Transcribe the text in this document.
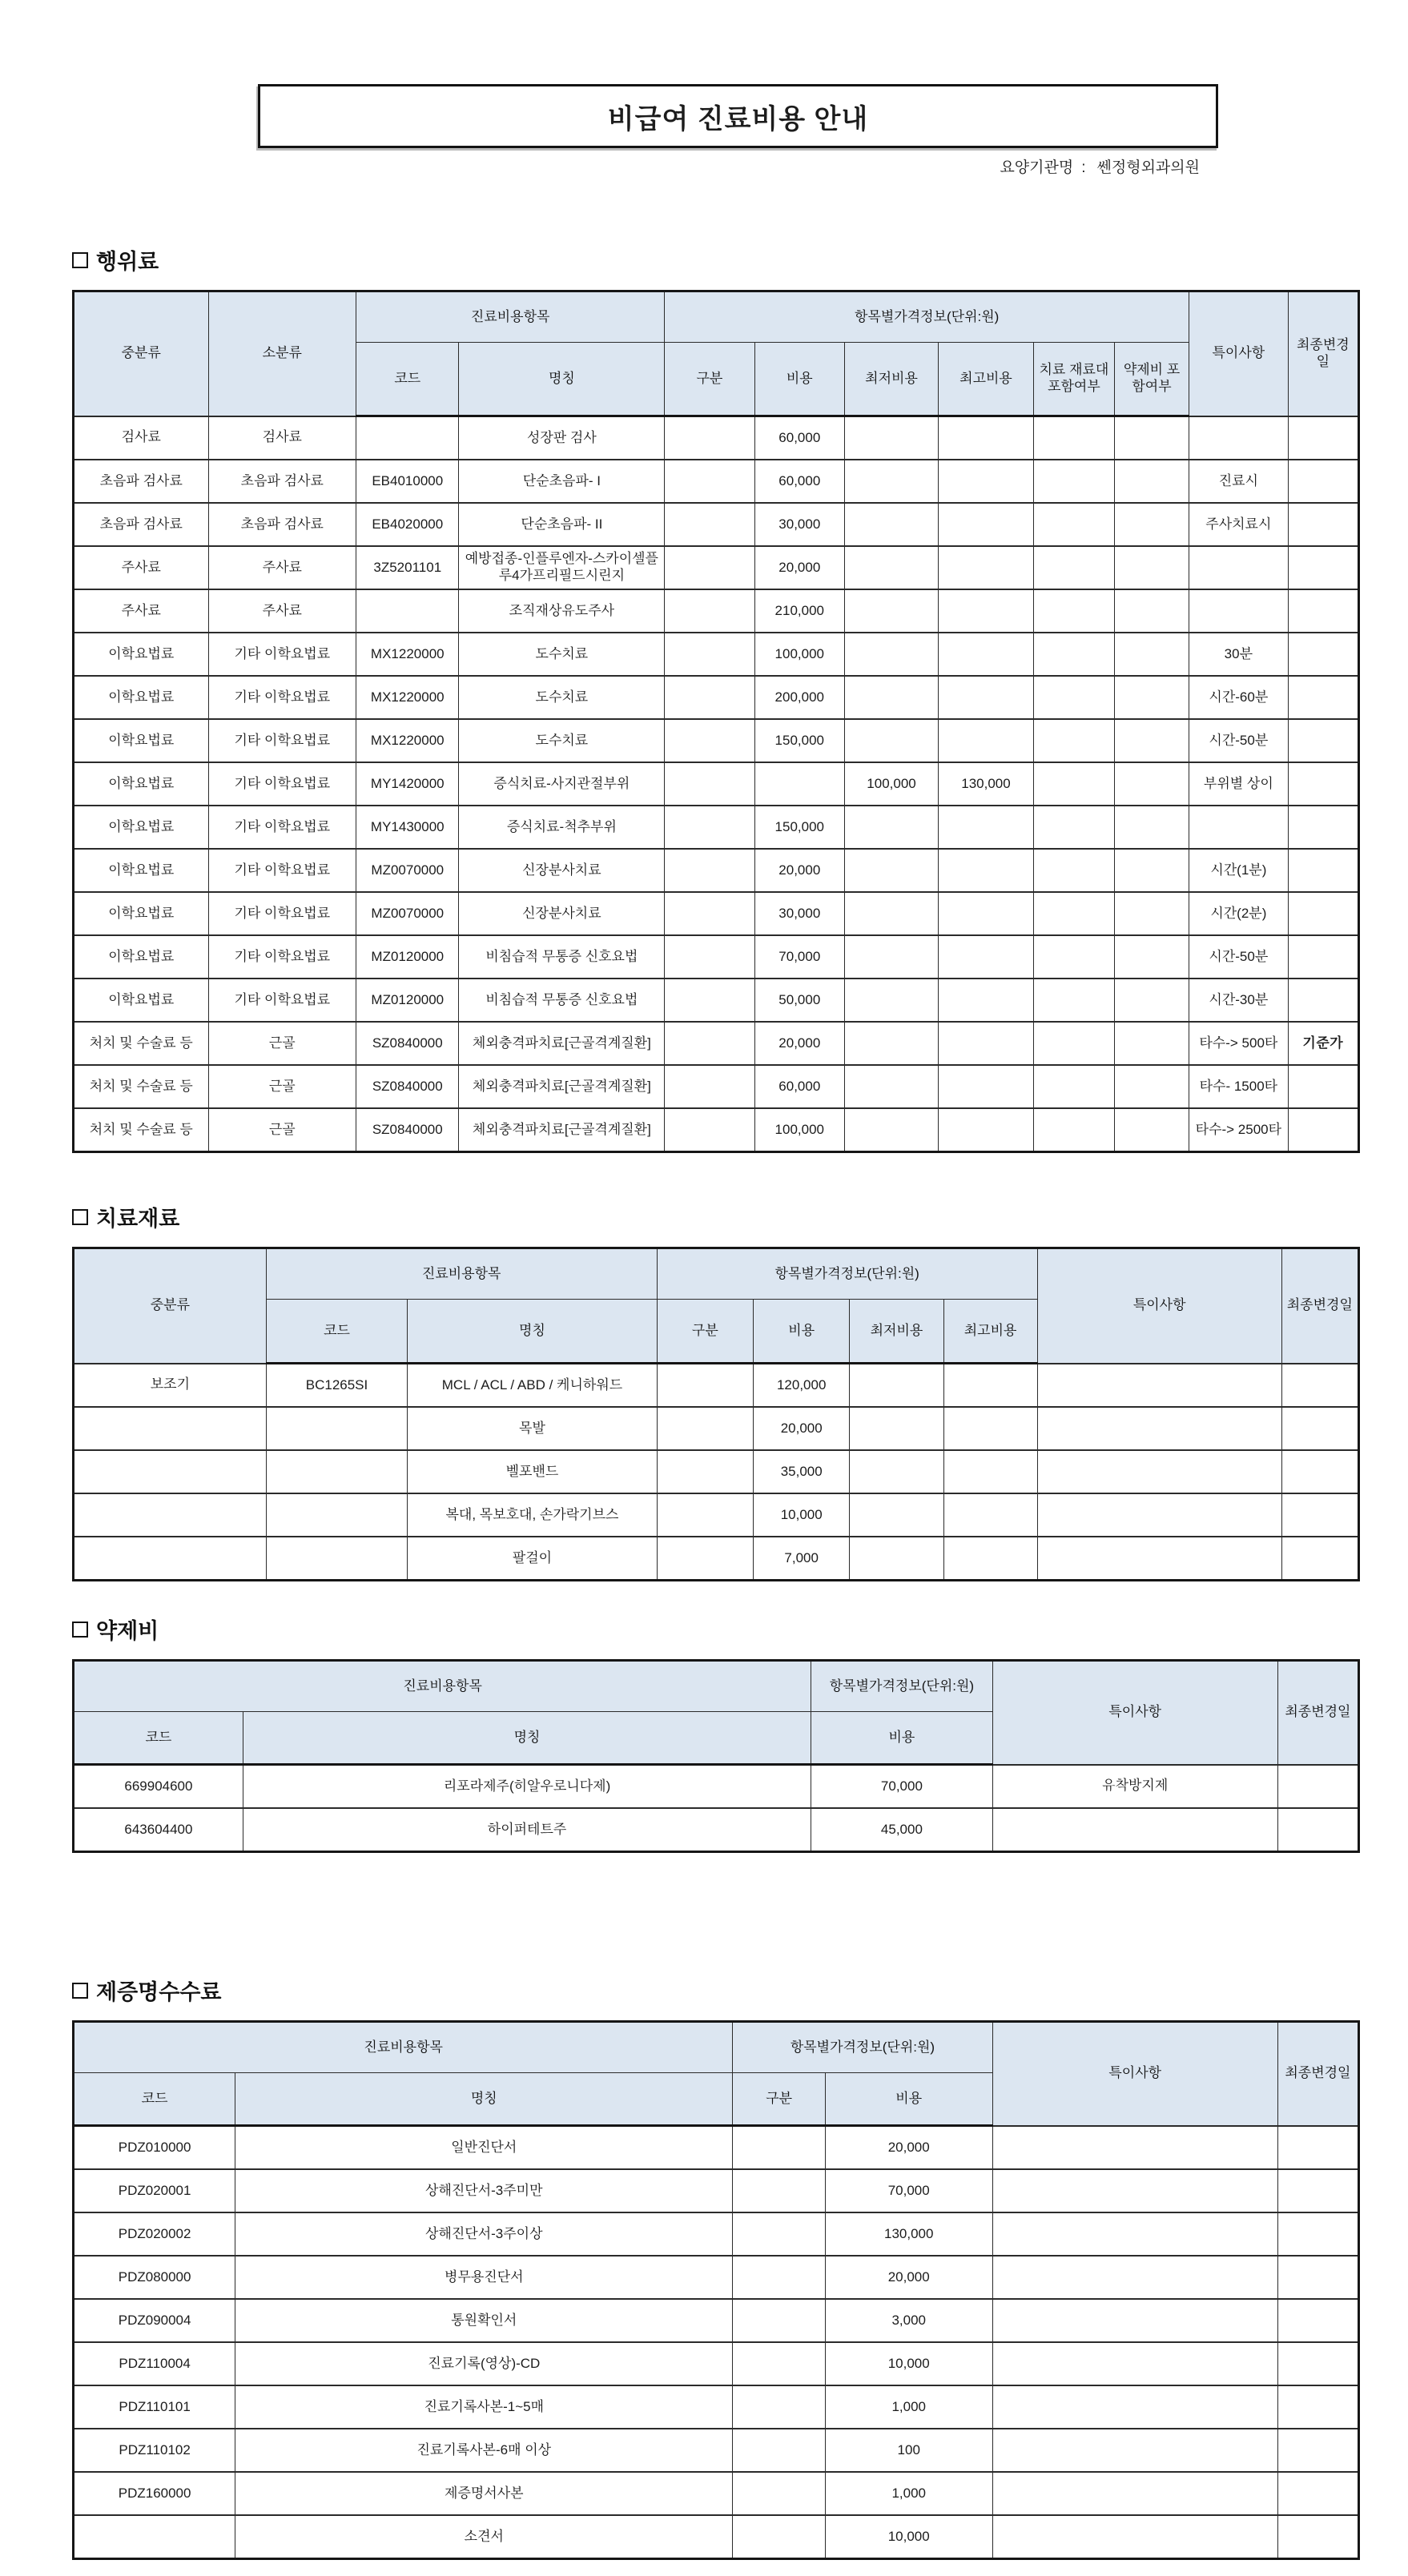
비급여 진료비용 안내
요양기관명 : 쎈정형외과의원
행위료
중분류	소분류	진료비용항목		항목별가격정보(단위:원)						특이사항	최종변경일
		코드	명칭	구분	비용	최저비용	최고비용	치료 재료대 포함여부	약제비 포함여부		
검사료	검사료		성장판 검사		60,000						
초음파 검사료	초음파 검사료	EB4010000	단순초음파- I		60,000					진료시	
초음파 검사료	초음파 검사료	EB4020000	단순초음파- II		30,000					주사치료시	
주사료	주사료	3Z5201101	예방접종-인플루엔자-스카이셀플루4가프리필드시린지		20,000						
주사료	주사료		조직재상유도주사		210,000						
이학요법료	기타 이학요법료	MX1220000	도수치료		100,000					30분	
이학요법료	기타 이학요법료	MX1220000	도수치료		200,000					시간-60분	
이학요법료	기타 이학요법료	MX1220000	도수치료		150,000					시간-50분	
이학요법료	기타 이학요법료	MY1420000	증식치료-사지관절부위			100,000	130,000			부위별 상이	
이학요법료	기타 이학요법료	MY1430000	증식치료-척추부위		150,000						
이학요법료	기타 이학요법료	MZ0070000	신장분사치료		20,000					시간(1분)	
이학요법료	기타 이학요법료	MZ0070000	신장분사치료		30,000					시간(2분)	
이학요법료	기타 이학요법료	MZ0120000	비침습적 무통증 신호요법		70,000					시간-50분	
이학요법료	기타 이학요법료	MZ0120000	비침습적 무통증 신호요법		50,000					시간-30분	
처치 및 수술료 등	근골	SZ0840000	체외충격파치료[근골격계질환]		20,000					타수-> 500타	기준가
처치 및 수술료 등	근골	SZ0840000	체외충격파치료[근골격계질환]		60,000					타수- 1500타	
처치 및 수술료 등	근골	SZ0840000	체외충격파치료[근골격계질환]		100,000					타수-> 2500타	
치료재료
중분류	진료비용항목		항목별가격정보(단위:원)				특이사항	최종변경일
	코드	명칭	구분	비용	최저비용	최고비용		
보조기	BC1265SI	MCL / ACL / ABD / 케니하워드		120,000				
		목발		20,000				
		벨포밴드		35,000				
		복대, 목보호대, 손가락기브스		10,000				
		팔걸이		7,000				
약제비
진료비용항목		항목별가격정보(단위:원)	특이사항	최종변경일
코드	명칭	비용		
669904600	리포라제주(히알우로니다제)	70,000	유착방지제	
643604400	하이퍼테트주	45,000		
제증명수수료
진료비용항목		항목별가격정보(단위:원)		특이사항	최종변경일
코드	명칭	구분	비용		
PDZ010000	일반진단서		20,000		
PDZ020001	상해진단서-3주미만		70,000		
PDZ020002	상해진단서-3주이상		130,000		
PDZ080000	병무용진단서		20,000		
PDZ090004	통원확인서		3,000		
PDZ110004	진료기록(영상)-CD		10,000		
PDZ110101	진료기록사본-1~5매		1,000		
PDZ110102	진료기록사본-6매 이상		100		
PDZ160000	제증명서사본		1,000		
	소견서		10,000		
